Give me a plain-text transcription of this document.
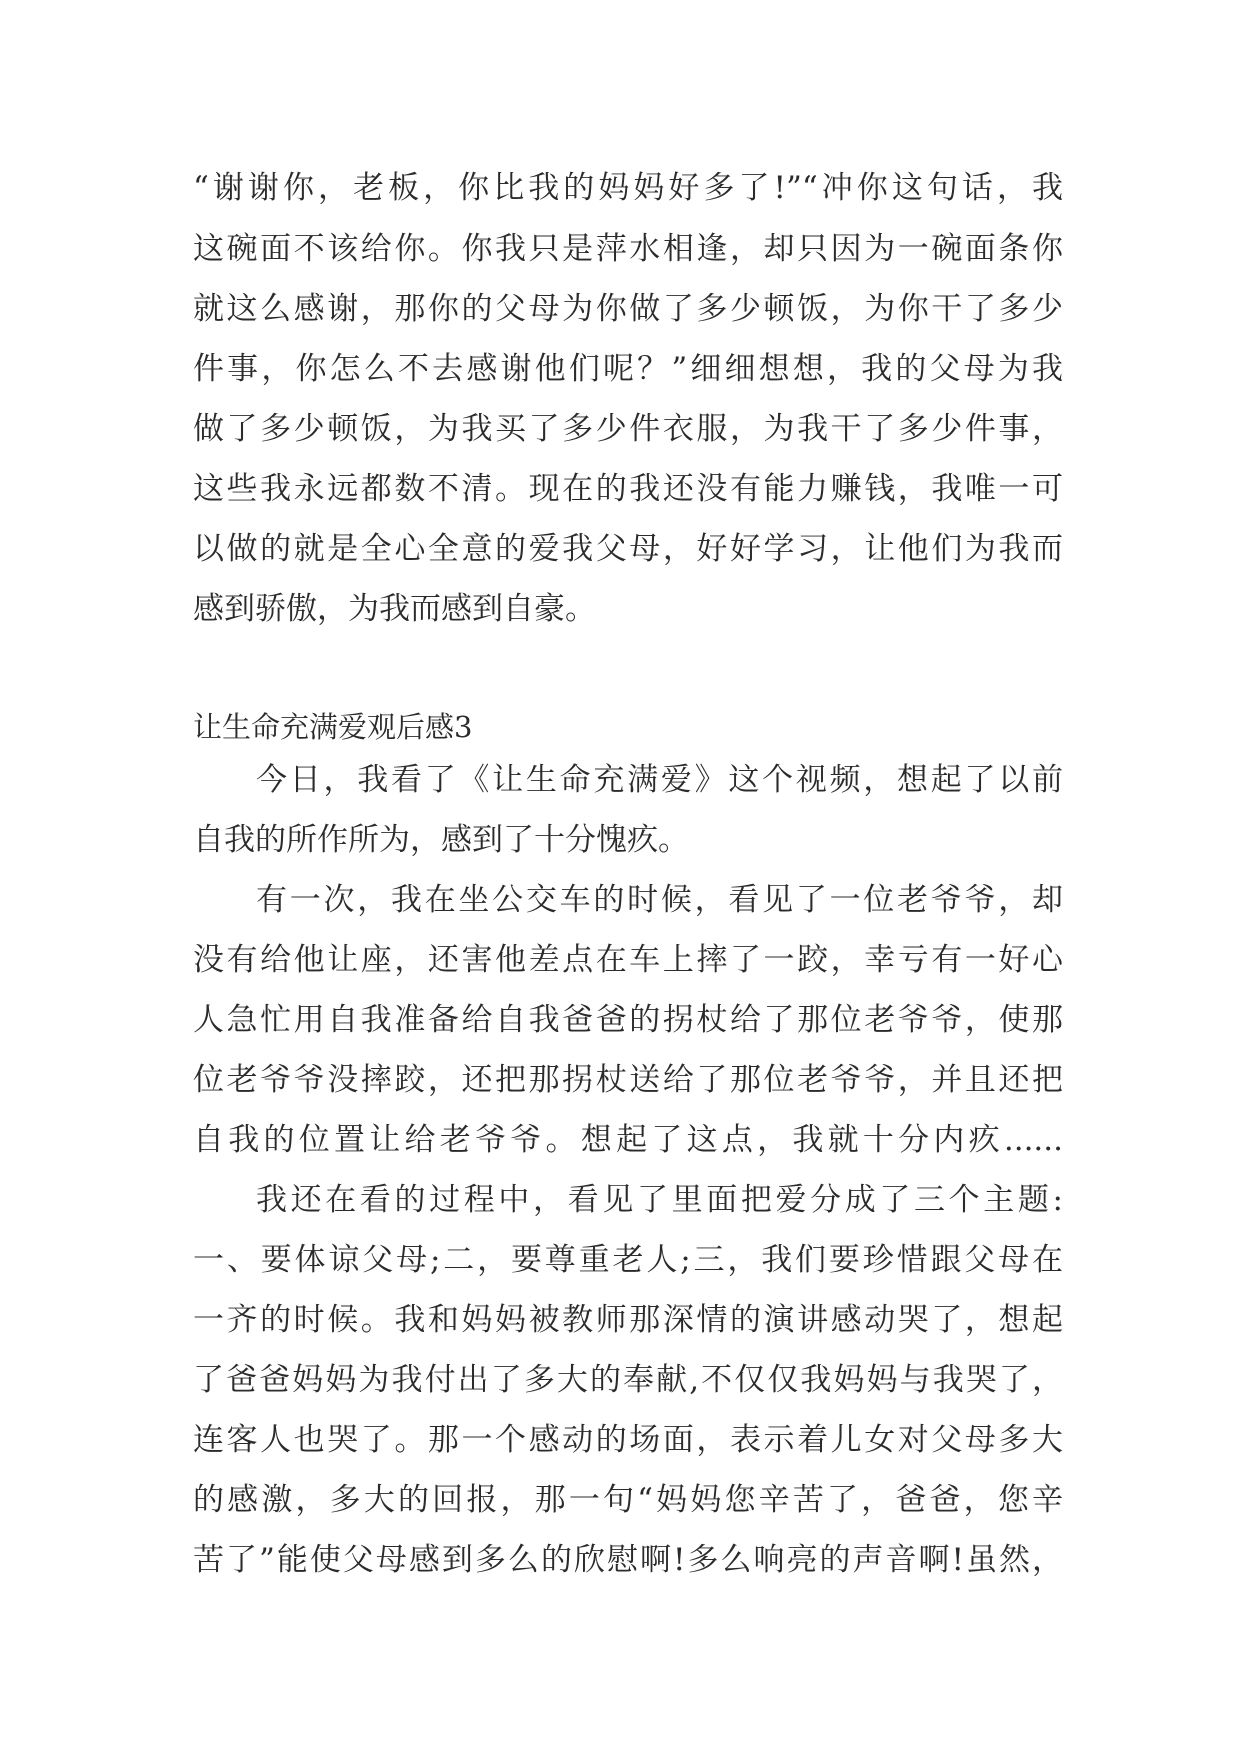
“谢谢你，老板，你比我的妈妈好多了!”“冲你这句话，我
这碗面不该给你。你我只是萍水相逢，却只因为一碗面条你
就这么感谢，那你的父母为你做了多少顿饭，为你干了多少
件事，你怎么不去感谢他们呢？”细细想想，我的父母为我
做了多少顿饭，为我买了多少件衣服，为我干了多少件事，
这些我永远都数不清。现在的我还没有能力赚钱，我唯一可
以做的就是全心全意的爱我父母，好好学习，让他们为我而
感到骄傲，为我而感到自豪。
让生命充满爱观后感3
今日，我看了《让生命充满爱》这个视频，想起了以前
自我的所作所为，感到了十分愧疚。
有一次，我在坐公交车的时候，看见了一位老爷爷，却
没有给他让座，还害他差点在车上摔了一跤，幸亏有一好心
人急忙用自我准备给自我爸爸的拐杖给了那位老爷爷，使那
位老爷爷没摔跤，还把那拐杖送给了那位老爷爷，并且还把
自我的位置让给老爷爷。想起了这点，我就十分内疚......
我还在看的过程中，看见了里面把爱分成了三个主题:
一、要体谅父母;二，要尊重老人;三，我们要珍惜跟父母在
一齐的时候。我和妈妈被教师那深情的演讲感动哭了，想起
了爸爸妈妈为我付出了多大的奉献,不仅仅我妈妈与我哭了，
连客人也哭了。那一个感动的场面，表示着儿女对父母多大
的感激，多大的回报，那一句“妈妈您辛苦了，爸爸，您辛
苦了”能使父母感到多么的欣慰啊!多么响亮的声音啊!虽然，
